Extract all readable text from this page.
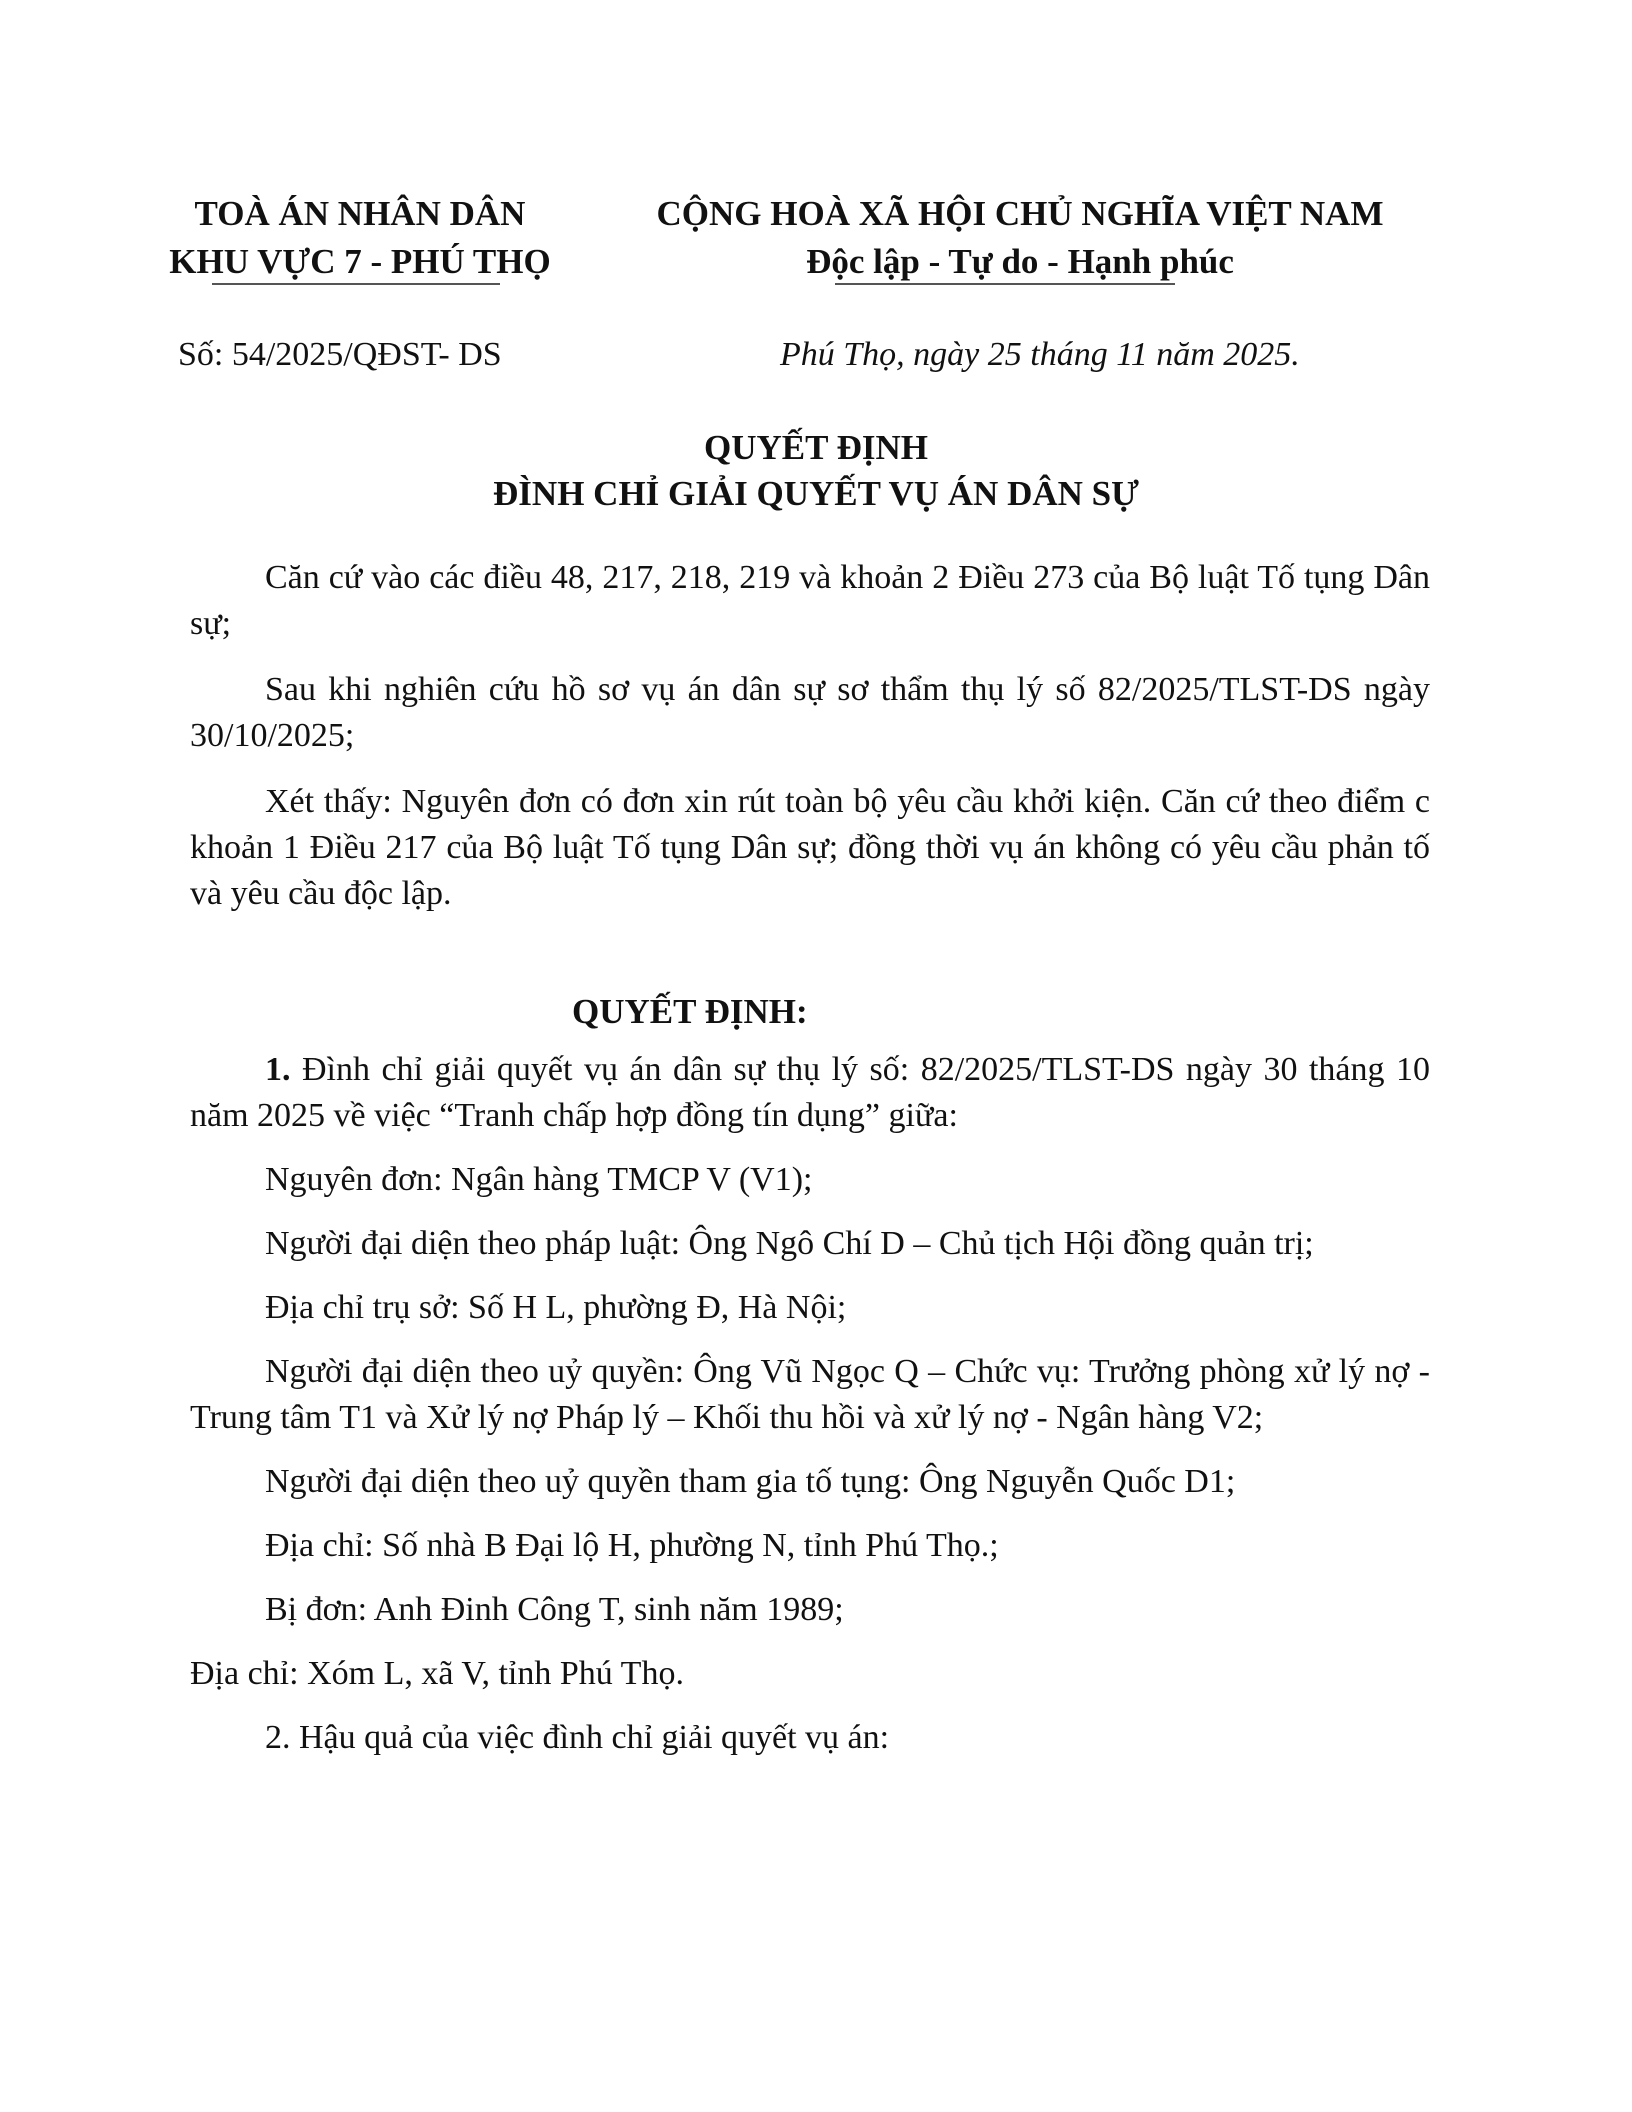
TOÀ ÁN NHÂN DÂN
KHU VỰC 7 - PHÚ THỌ
CỘNG HOÀ XÃ HỘI CHỦ NGHĨA VIỆT NAM
Độc lập - Tự do - Hạnh phúc
Số: 54/2025/QĐST- DS	Phú Thọ, ngày 25 tháng 11 năm 2025.
QUYẾT ĐỊNH
ĐÌNH CHỈ GIẢI QUYẾT VỤ ÁN DÂN SỰ

Căn cứ vào các điều 48, 217, 218, 219 và khoản 2 Điều 273 của Bộ luật Tố tụng Dân sự;

Sau khi nghiên cứu hồ sơ vụ án dân sự sơ thẩm thụ lý số 82/2025/TLST-DS ngày 30/10/2025;

Xét thấy: Nguyên đơn có đơn xin rút toàn bộ yêu cầu khởi kiện. Căn cứ theo điểm c khoản 1 Điều 217 của Bộ luật Tố tụng Dân sự; đồng thời vụ án không có yêu cầu phản tố và yêu cầu độc lập.

QUYẾT ĐỊNH:

1. Đình chỉ giải quyết vụ án dân sự thụ lý số: 82/2025/TLST-DS ngày 30 tháng 10 năm 2025 về việc “Tranh chấp hợp đồng tín dụng” giữa:

Nguyên đơn: Ngân hàng TMCP V (V1);

Người đại diện theo pháp luật: Ông Ngô Chí D – Chủ tịch Hội đồng quản trị;

Địa chỉ trụ sở: Số H L, phường Đ, Hà Nội;

Người đại diện theo uỷ quyền: Ông Vũ Ngọc Q – Chức vụ: Trưởng phòng xử lý nợ - Trung tâm T1 và Xử lý nợ Pháp lý – Khối thu hồi và xử lý nợ - Ngân hàng V2;

Người đại diện theo uỷ quyền tham gia tố tụng: Ông Nguyễn Quốc D1;

Địa chỉ: Số nhà B Đại lộ H, phường N, tỉnh Phú Thọ.;

Bị đơn: Anh Đinh Công T, sinh năm 1989;

Địa chỉ: Xóm L, xã V, tỉnh Phú Thọ.

2. Hậu quả của việc đình chỉ giải quyết vụ án:
